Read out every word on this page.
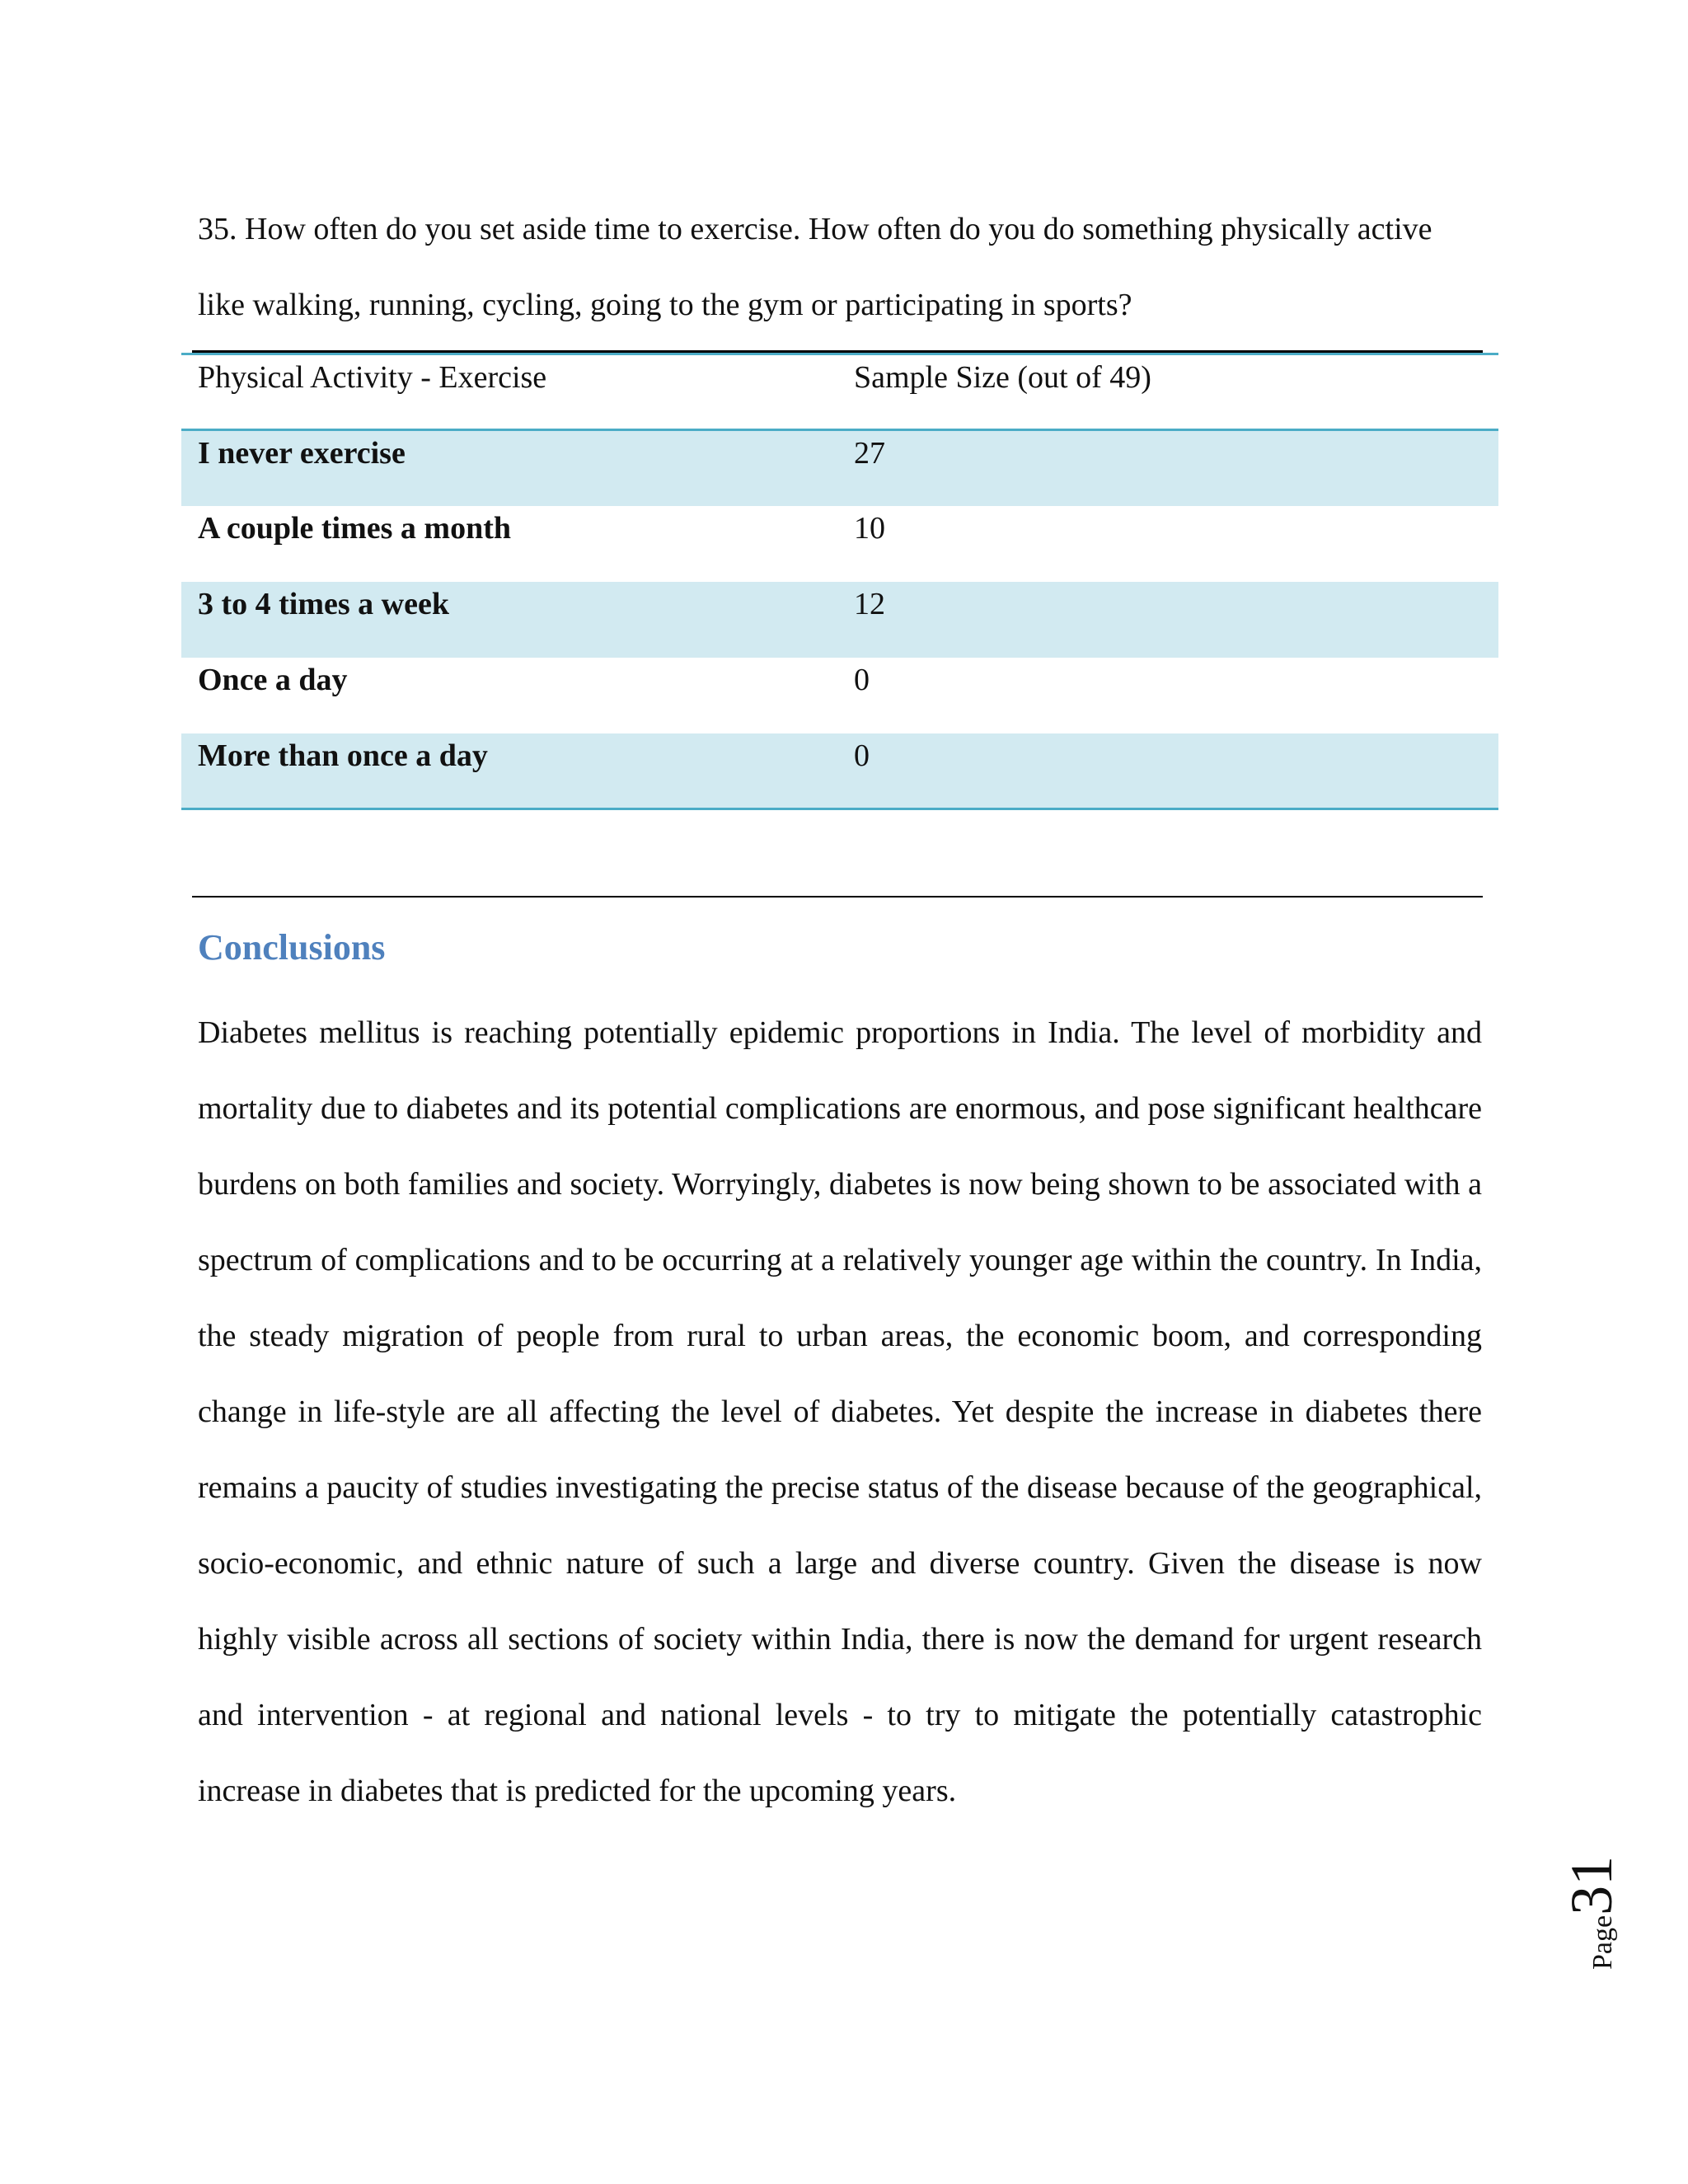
35. How often do you set aside time to exercise. How often do you do something physically active like walking, running, cycling, going to the gym or participating in sports?

Physical Activity - Exercise	Sample Size (out of 49)
I never exercise	27
A couple times a month	10
3 to 4 times a week	12
Once a day	0
More than once a day	0
Conclusions

Diabetes mellitus is reaching potentially epidemic proportions in India. The level of morbidity and mortality due to diabetes and its potential complications are enormous, and pose significant healthcare burdens on both families and society. Worryingly, diabetes is now being shown to be associated with a spectrum of complications and to be occurring at a relatively younger age within the country. In India, the steady migration of people from rural to urban areas, the economic boom, and corresponding change in life-style are all affecting the level of diabetes. Yet despite the increase in diabetes there remains a paucity of studies investigating the precise status of the disease because of the geographical, socio-economic, and ethnic nature of such a large and diverse country. Given the disease is now highly visible across all sections of society within India, there is now the demand for urgent research and intervention - at regional and national levels - to try to mitigate the potentially catastrophic increase in diabetes that is predicted for the upcoming years.

Page31
